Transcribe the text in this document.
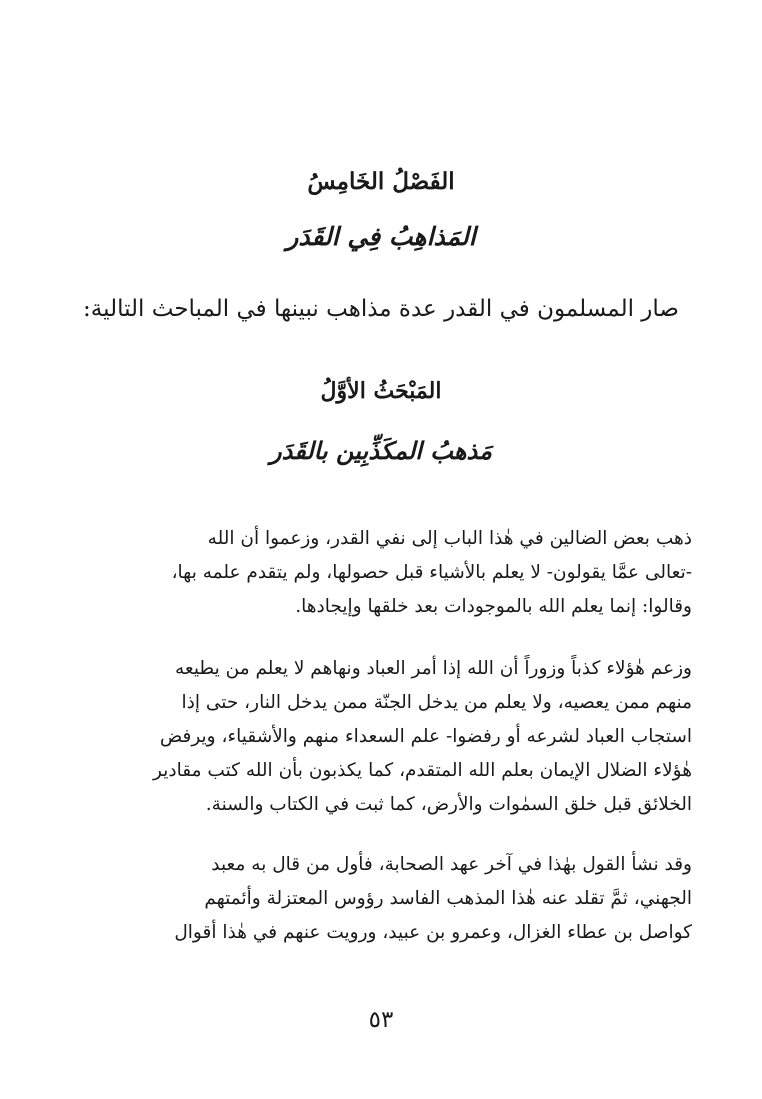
الفَصْلُ الخَامِسُ
المَذاهِبُ فِي القَدَر
صار المسلمون في القدر عدة مذاهب نبينها في المباحث التالية:
المَبْحَثُ الأوَّلُ
مَذهبُ المكَذِّبِين بالقَدَر

ذهب بعض الضالين في هٰذا الباب إلى نفي القدر، وزعموا أن الله
-تعالى عمَّا يقولون- لا يعلم بالأشياء قبل حصولها، ولم يتقدم علمه بها،
وقالوا: إنما يعلم الله بالموجودات بعد خلقها وإيجادها.

وزعم هٰؤلاء كذباً وزوراً أن الله إذا أمر العباد ونهاهم لا يعلم من يطيعه
منهم ممن يعصيه، ولا يعلم من يدخل الجنّة ممن يدخل النار، حتى إذا
استجاب العباد لشرعه أو رفضوا- علم السعداء منهم والأشقياء، ويرفض
هٰؤلاء الضلال الإيمان بعلم الله المتقدم، كما يكذبون بأن الله كتب مقادير
الخلائق قبل خلق السمٰوات والأرض، كما ثبت في الكتاب والسنة.

وقد نشأ القول بهٰذا في آخر عهد الصحابة، فأول من قال به معبد
الجهني، ثمَّ تقلد عنه هٰذا المذهب الفاسد رؤوس المعتزلة وأئمتهم
كواصل بن عطاء الغزال، وعمرو بن عبيد، ورويت عنهم في هٰذا أقوال

٥٣
